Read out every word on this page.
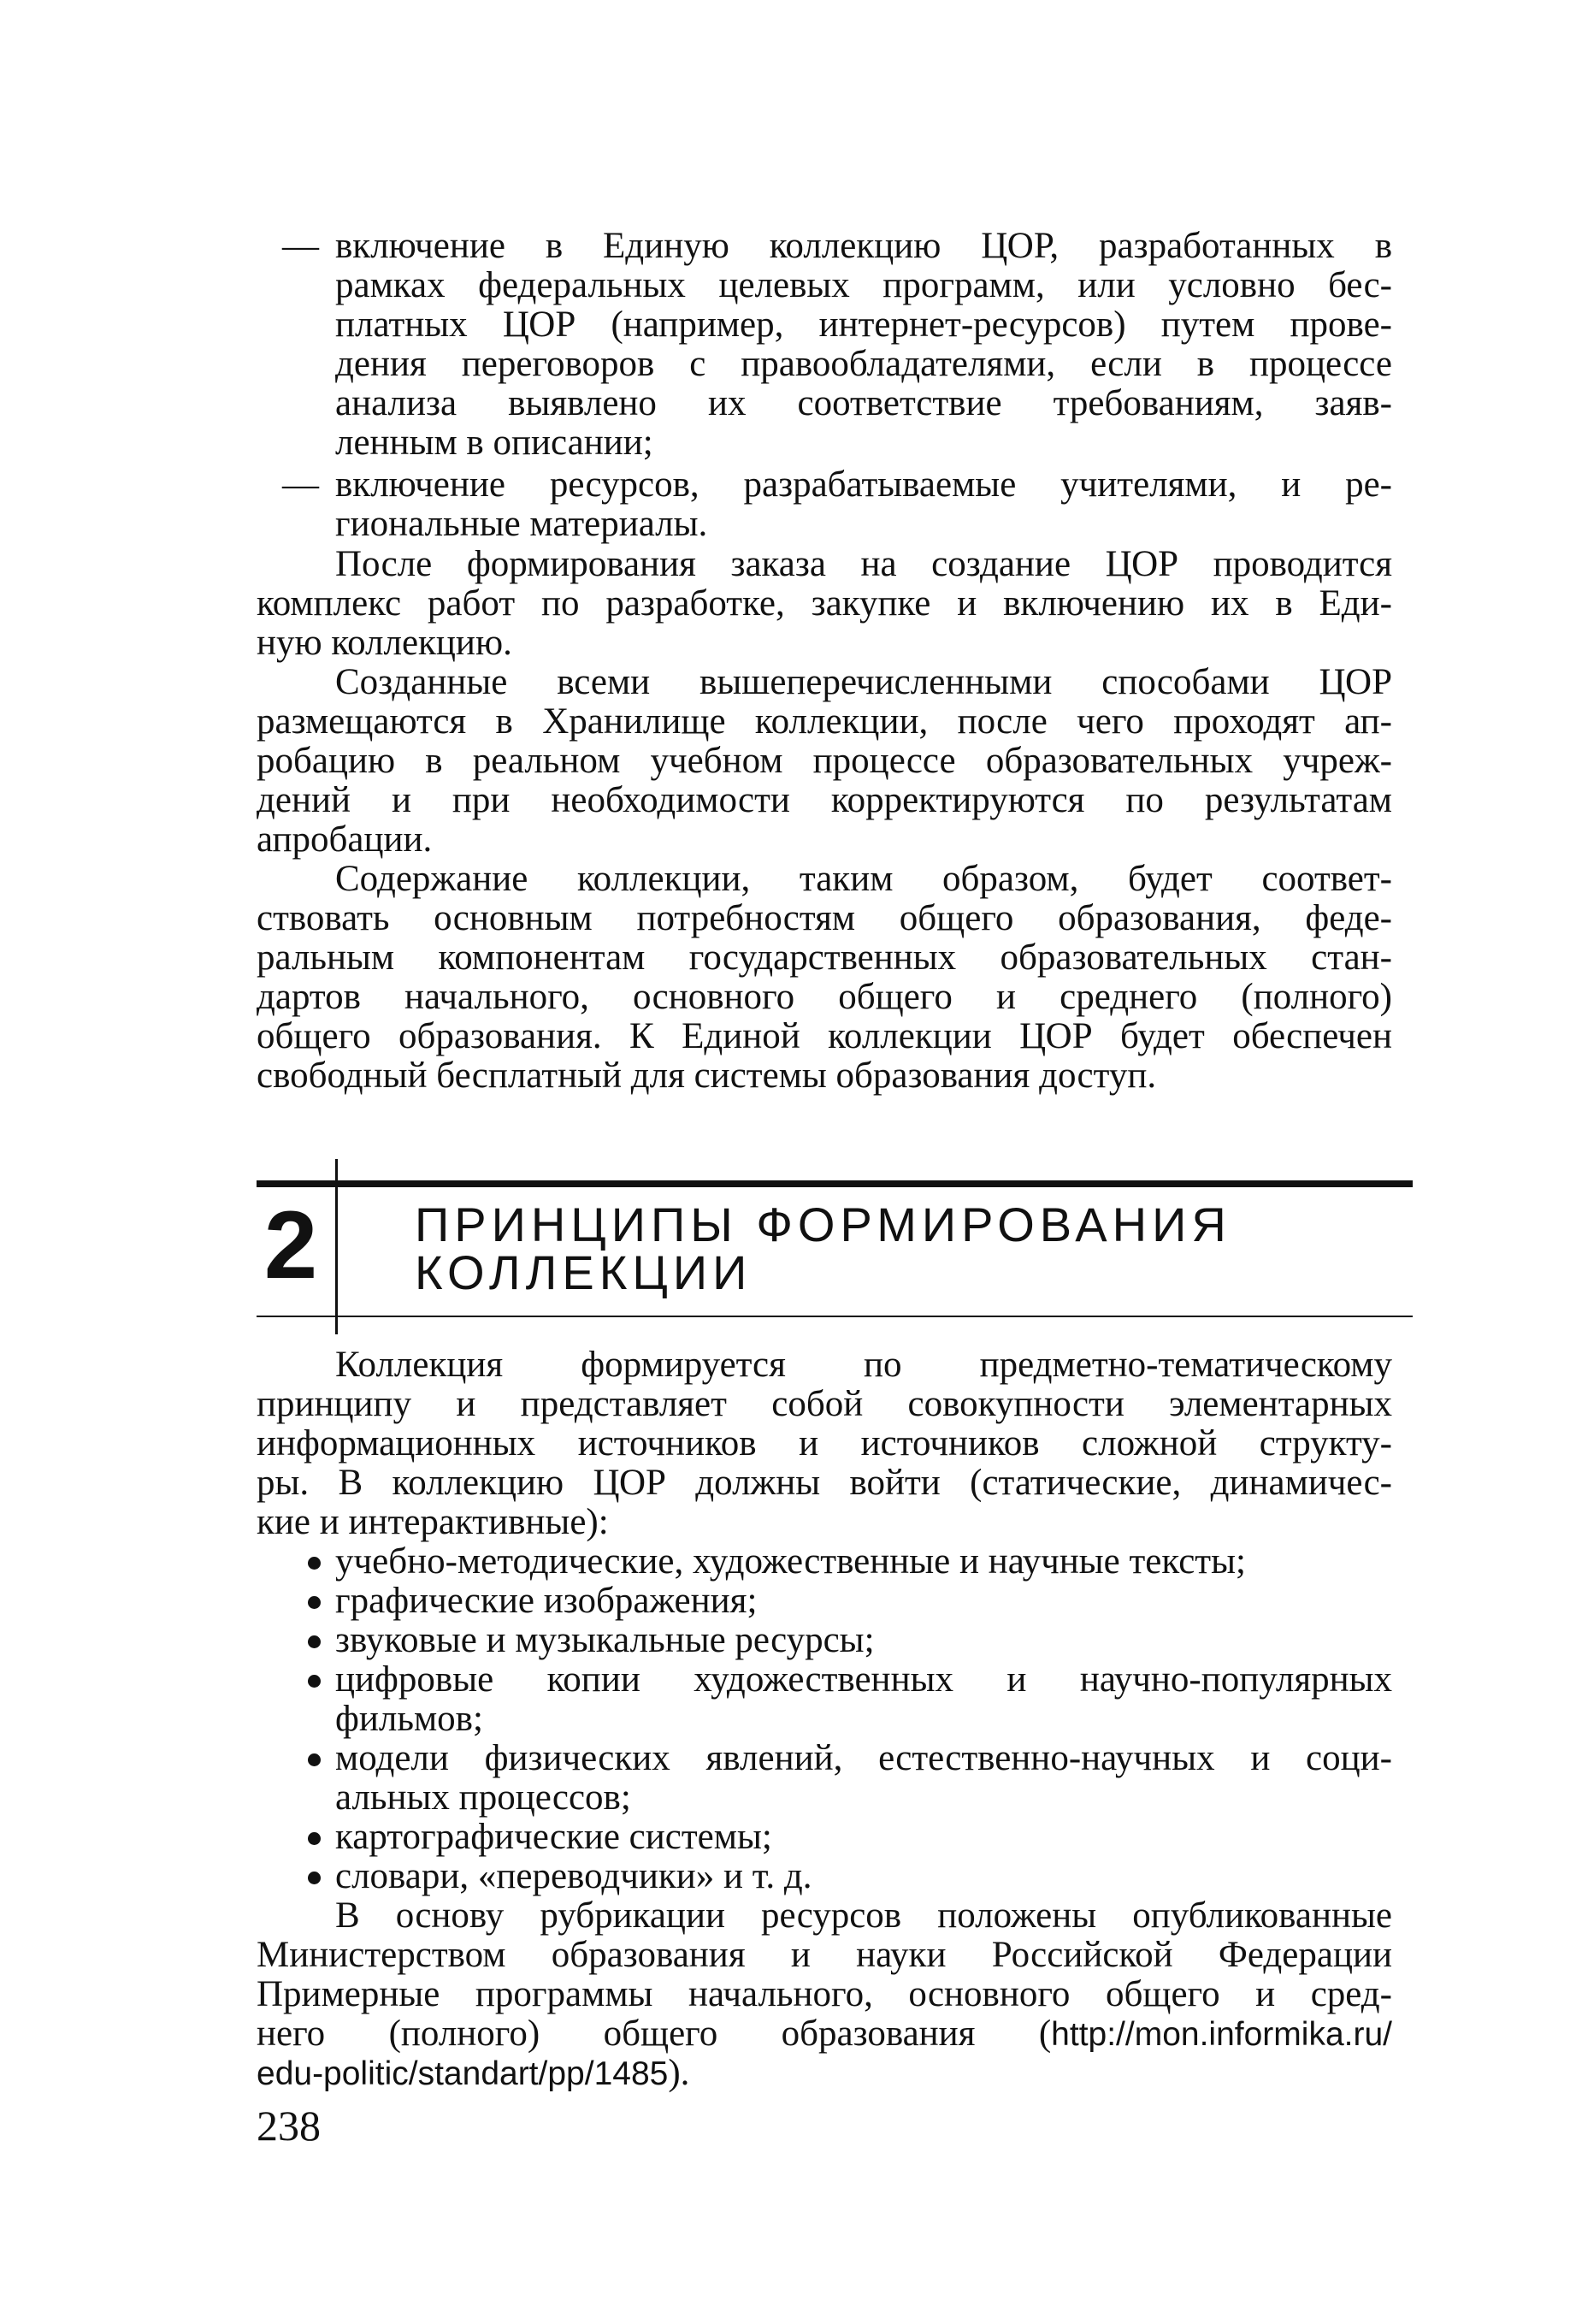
— включение в Единую коллекцию ЦОР, разработанных в

рамках федеральных целевых программ, или условно бес-

платных ЦОР (например, интернет-ресурсов) путем прове-

дения переговоров с правообладателями, если в процессе

анализа выявлено их соответствие требованиям, заяв-

ленным в описании;

— включение ресурсов, разрабатываемые учителями, и ре-

гиональные материалы.

После формирования заказа на создание ЦОР проводится

комплекс работ по разработке, закупке и включению их в Еди-

ную коллекцию.

Созданные всеми вышеперечисленными способами ЦОР

размещаются в Хранилище коллекции, после чего проходят ап-

робацию в реальном учебном процессе образовательных учреж-

дений и при необходимости корректируются по результатам

апробации.

Содержание коллекции, таким образом, будет соответ-

ствовать основным потребностям общего образования, феде-

ральным компонентам государственных образовательных стан-

дартов начального, основного общего и среднего (полного)

общего образования. К Единой коллекции ЦОР будет обеспечен

свободный бесплатный для системы образования доступ.

2 ПРИНЦИПЫ ФОРМИРОВАНИЯ
КОЛЛЕКЦИИ

Коллекция формируется по предметно-тематическому

принципу и представляет собой совокупности элементарных

информационных источников и источников сложной структу-

ры. В коллекцию ЦОР должны войти (статические, динамичес-

кие и интерактивные):

учебно-методические, художественные и научные тексты;

графические изображения;

звуковые и музыкальные ресурсы;

цифровые копии художественных и научно-популярных

фильмов;

модели физических явлений, естественно-научных и соци-

альных процессов;

картографические системы;

словари, «переводчики» и т. д.

В основу рубрикации ресурсов положены опубликованные

Министерством образования и науки Российской Федерации

Примерные программы начального, основного общего и сред-

него (полного) общего образования (http://mon.informika.ru/

edu-politic/standart/pp/1485).

238
